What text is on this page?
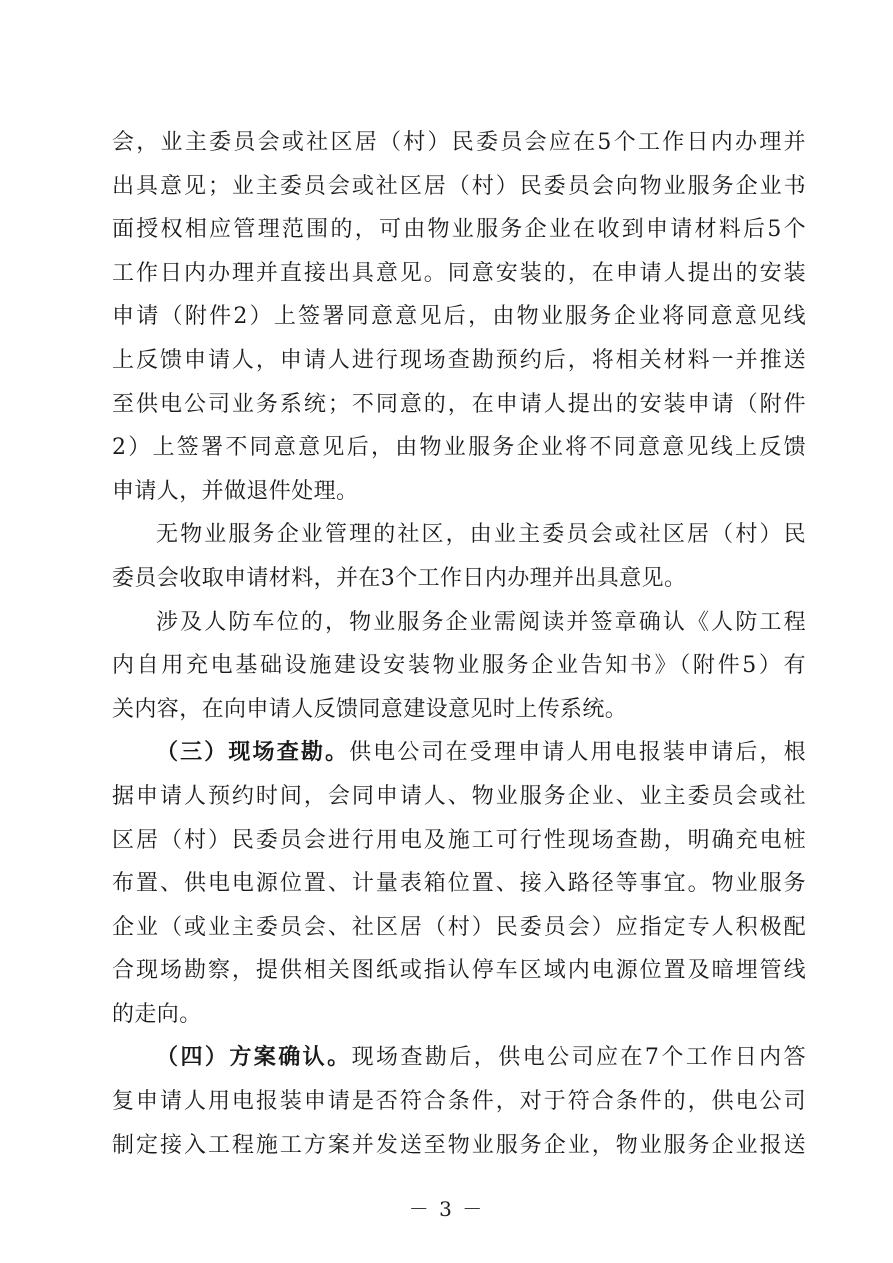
会，业主委员会或社区居（村）民委员会应在5个工作日内办理并
出具意见；业主委员会或社区居（村）民委员会向物业服务企业书
面授权相应管理范围的，可由物业服务企业在收到申请材料后5个
工作日内办理并直接出具意见。同意安装的，在申请人提出的安装
申请（附件2）上签署同意意见后，由物业服务企业将同意意见线
上反馈申请人，申请人进行现场查勘预约后，将相关材料一并推送
至供电公司业务系统；不同意的，在申请人提出的安装申请（附件
2）上签署不同意意见后，由物业服务企业将不同意意见线上反馈
申请人，并做退件处理。
无物业服务企业管理的社区，由业主委员会或社区居（村）民
委员会收取申请材料，并在3个工作日内办理并出具意见。
涉及人防车位的，物业服务企业需阅读并签章确认《人防工程
内自用充电基础设施建设安装物业服务企业告知书》（附件5）有
关内容，在向申请人反馈同意建设意见时上传系统。
（三）现场查勘。供电公司在受理申请人用电报装申请后，根
据申请人预约时间，会同申请人、物业服务企业、业主委员会或社
区居（村）民委员会进行用电及施工可行性现场查勘，明确充电桩
布置、供电电源位置、计量表箱位置、接入路径等事宜。物业服务
企业（或业主委员会、社区居（村）民委员会）应指定专人积极配
合现场勘察，提供相关图纸或指认停车区域内电源位置及暗埋管线
的走向。
（四）方案确认。现场查勘后，供电公司应在7个工作日内答
复申请人用电报装申请是否符合条件，对于符合条件的，供电公司
制定接入工程施工方案并发送至物业服务企业，物业服务企业报送
－ 3 －
